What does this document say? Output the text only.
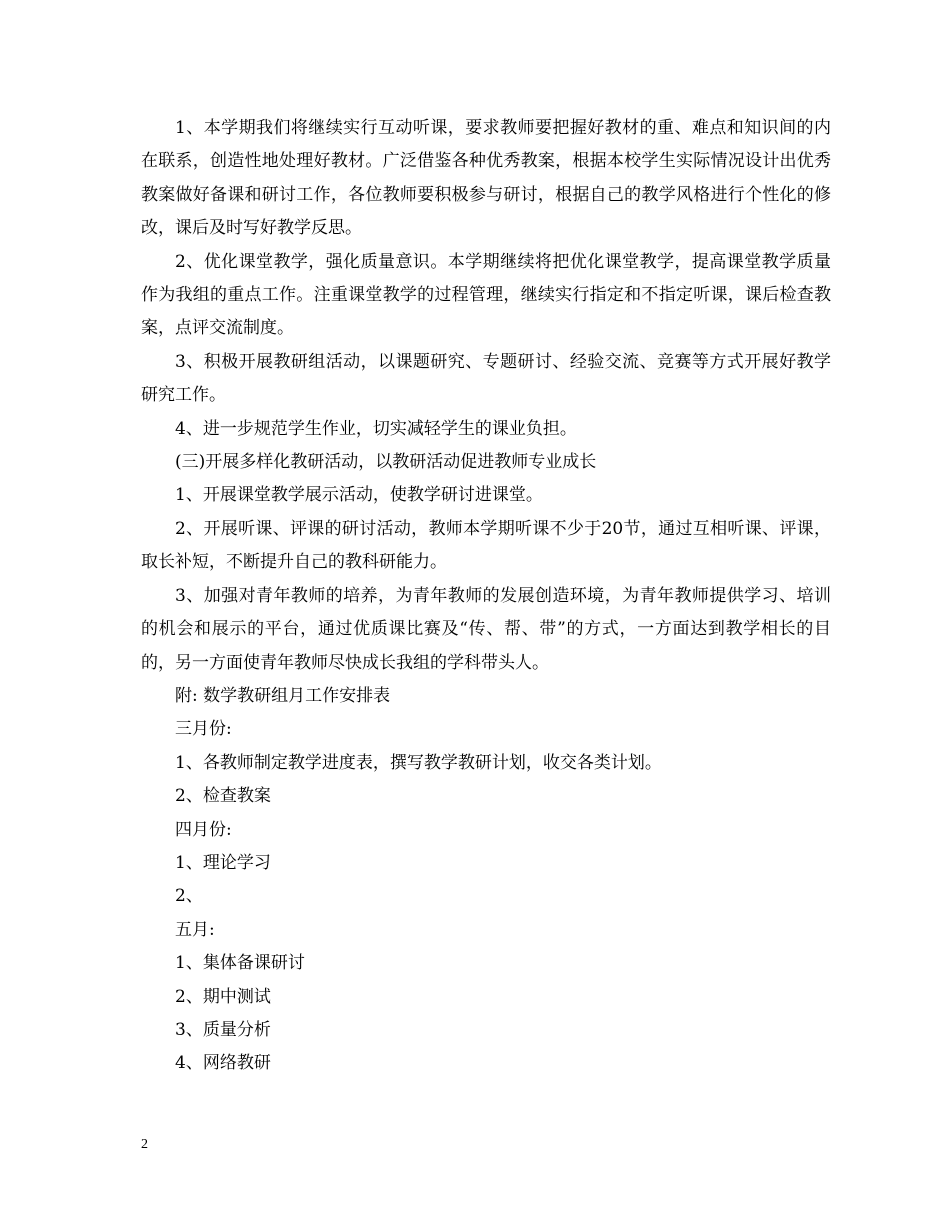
1、本学期我们将继续实行互动听课，要求教师要把握好教材的重、难点和知识间的内在联系，创造性地处理好教材。广泛借鉴各种优秀教案，根据本校学生实际情况设计出优秀教案做好备课和研讨工作，各位教师要积极参与研讨，根据自己的教学风格进行个性化的修改，课后及时写好教学反思。

2、优化课堂教学，强化质量意识。本学期继续将把优化课堂教学，提高课堂教学质量作为我组的重点工作。注重课堂教学的过程管理，继续实行指定和不指定听课，课后检查教案，点评交流制度。

3、积极开展教研组活动，以课题研究、专题研讨、经验交流、竞赛等方式开展好教学研究工作。

4、进一步规范学生作业，切实减轻学生的课业负担。

(三)开展多样化教研活动，以教研活动促进教师专业成长

1、开展课堂教学展示活动，使教学研讨进课堂。

2、开展听课、评课的研讨活动，教师本学期听课不少于20节，通过互相听课、评课，取长补短，不断提升自己的教科研能力。

3、加强对青年教师的培养，为青年教师的发展创造环境，为青年教师提供学习、培训的机会和展示的平台，通过优质课比赛及“传、帮、带”的方式，一方面达到教学相长的目的，另一方面使青年教师尽快成长我组的学科带头人。

附: 数学教研组月工作安排表

三月份:

1、各教师制定教学进度表，撰写教学教研计划，收交各类计划。

2、检查教案

四月份:

1、理论学习

2、

五月:

1、集体备课研讨

2、期中测试

3、质量分析

4、网络教研

2
